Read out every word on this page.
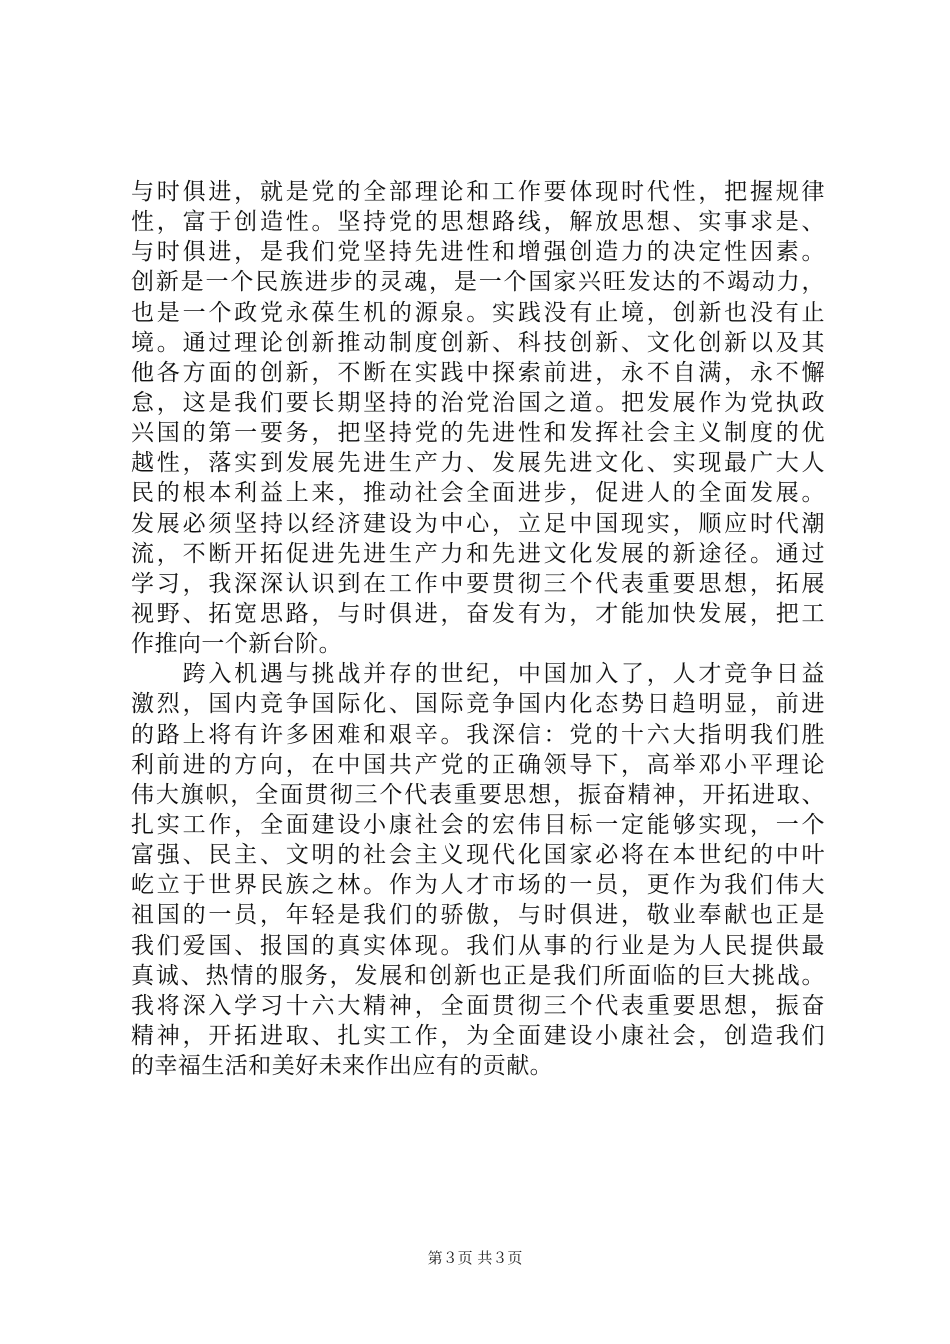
与时俱进，就是党的全部理论和工作要体现时代性，把握规律
性，富于创造性。坚持党的思想路线，解放思想、实事求是、
与时俱进，是我们党坚持先进性和增强创造力的决定性因素。
创新是一个民族进步的灵魂，是一个国家兴旺发达的不竭动力，
也是一个政党永葆生机的源泉。实践没有止境，创新也没有止
境。通过理论创新推动制度创新、科技创新、文化创新以及其
他各方面的创新，不断在实践中探索前进，永不自满，永不懈
怠，这是我们要长期坚持的治党治国之道。把发展作为党执政
兴国的第一要务，把坚持党的先进性和发挥社会主义制度的优
越性，落实到发展先进生产力、发展先进文化、实现最广大人
民的根本利益上来，推动社会全面进步，促进人的全面发展。
发展必须坚持以经济建设为中心，立足中国现实，顺应时代潮
流，不断开拓促进先进生产力和先进文化发展的新途径。通过
学习，我深深认识到在工作中要贯彻三个代表重要思想，拓展
视野、拓宽思路，与时俱进，奋发有为，才能加快发展，把工
作推向一个新台阶。
　　跨入机遇与挑战并存的世纪，中国加入了，人才竞争日益
激烈，国内竞争国际化、国际竞争国内化态势日趋明显，前进
的路上将有许多困难和艰辛。我深信：党的十六大指明我们胜
利前进的方向，在中国共产党的正确领导下，高举邓小平理论
伟大旗帜，全面贯彻三个代表重要思想，振奋精神，开拓进取、
扎实工作，全面建设小康社会的宏伟目标一定能够实现，一个
富强、民主、文明的社会主义现代化国家必将在本世纪的中叶
屹立于世界民族之林。作为人才市场的一员，更作为我们伟大
祖国的一员，年轻是我们的骄傲，与时俱进，敬业奉献也正是
我们爱国、报国的真实体现。我们从事的行业是为人民提供最
真诚、热情的服务，发展和创新也正是我们所面临的巨大挑战。
我将深入学习十六大精神，全面贯彻三个代表重要思想，振奋
精神，开拓进取、扎实工作，为全面建设小康社会，创造我们
的幸福生活和美好未来作出应有的贡献。
第３页 共３页
